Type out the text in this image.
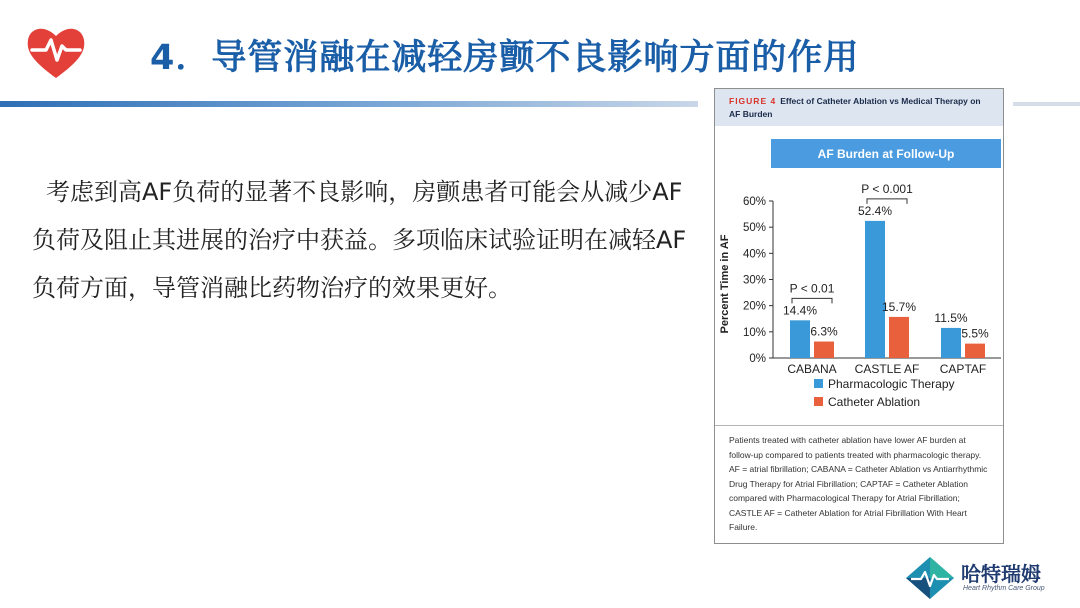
4．导管消融在减轻房颤不良影响方面的作用
考虑到高AF负荷的显著不良影响，房颤患者可能会从减少AF负荷及阻止其进展的治疗中获益。多项临床试验证明在减轻AF负荷方面，导管消融比药物治疗的效果更好。
FIGURE 4 Effect of Catheter Ablation vs Medical Therapy on AF Burden
AF Burden at Follow-Up
Percent Time in AF
0%
10%
20%
30%
40%
50%
60%
14.4%
6.3%
52.4%
15.7%
11.5%
5.5%
P < 0.01
P < 0.001
CABANA CASTLE AF CAPTAF
Pharmacologic Therapy
Catheter Ablation
Patients treated with catheter ablation have lower AF burden at follow-up compared to patients treated with pharmacologic therapy. AF = atrial fibrillation; CABANA = Catheter Ablation vs Antiarrhythmic Drug Therapy for Atrial Fibrillation; CAPTAF = Catheter Ablation compared with Pharmacological Therapy for Atrial Fibrillation; CASTLE AF = Catheter Ablation for Atrial Fibrillation With Heart Failure.
哈特瑞姆
Heart Rhythm Care Group
